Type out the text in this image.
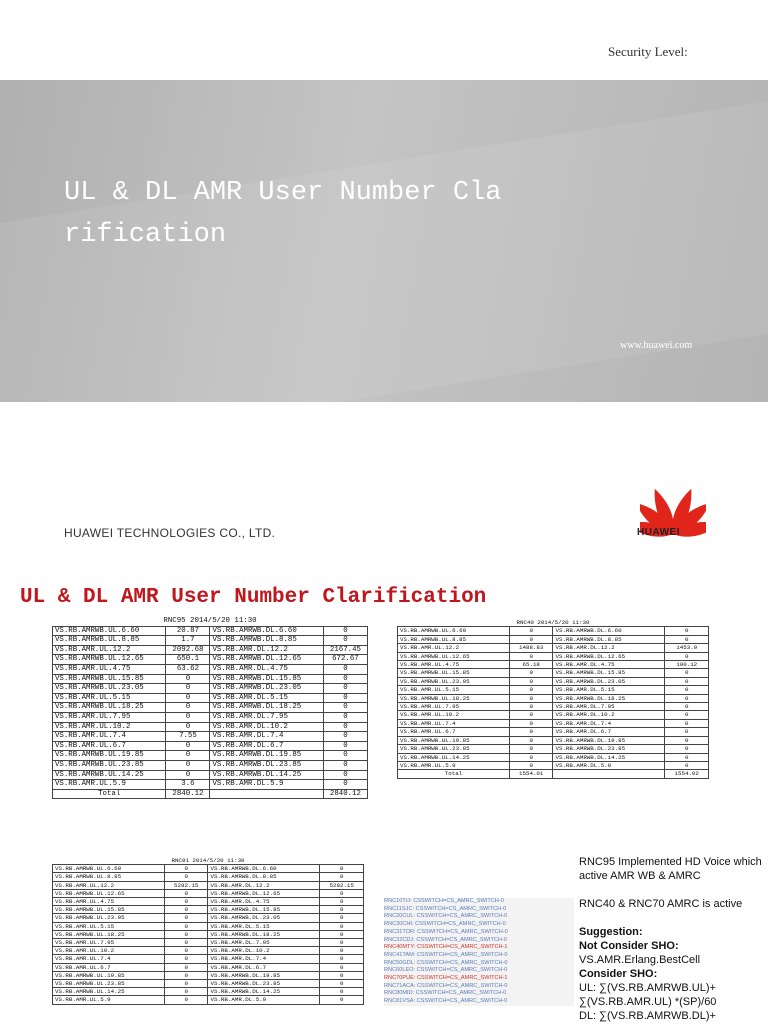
Security Level:
UL & DL AMR User Number Cla rification
www.huawei.com
HUAWEI TECHNOLOGIES CO., LTD.	HUAWEI
UL & DL AMR User Number Clarification
RNC95 2014/5/20 11:30			
VS.RB.AMRWB.UL.6.60	20.87	VS.RB.AMRWB.DL.6.60	0
VS.RB.AMRWB.UL.8.85	1.7	VS.RB.AMRWB.DL.8.85	0
VS.RB.AMR.UL.12.2	2092.68	VS.RB.AMR.DL.12.2	2167.45
VS.RB.AMRWB.UL.12.65	650.1	VS.RB.AMRWB.DL.12.65	672.67
VS.RB.AMR.UL.4.75	63.62	VS.RB.AMR.DL.4.75	0
VS.RB.AMRWB.UL.15.85	0	VS.RB.AMRWB.DL.15.85	0
VS.RB.AMRWB.UL.23.05	0	VS.RB.AMRWB.DL.23.05	0
VS.RB.AMR.UL.5.15	0	VS.RB.AMR.DL.5.15	0
VS.RB.AMRWB.UL.18.25	0	VS.RB.AMRWB.DL.18.25	0
VS.RB.AMR.UL.7.95	0	VS.RB.AMR.DL.7.95	0
VS.RB.AMR.UL.10.2	0	VS.RB.AMR.DL.10.2	0
VS.RB.AMR.UL.7.4	7.55	VS.RB.AMR.DL.7.4	0
VS.RB.AMR.UL.6.7	0	VS.RB.AMR.DL.6.7	0
VS.RB.AMRWB.UL.19.85	0	VS.RB.AMRWB.DL.19.85	0
VS.RB.AMRWB.UL.23.85	0	VS.RB.AMRWB.DL.23.85	0
VS.RB.AMRWB.UL.14.25	0	VS.RB.AMRWB.DL.14.25	0
VS.RB.AMR.UL.5.9	3.6	VS.RB.AMR.DL.5.9	0
Total	2840.12		2840.12
RNC40 2014/5/20 11:30			
VS.RB.AMRWB.UL.6.60	0	VS.RB.AMRWB.DL.6.60	0
VS.RB.AMRWB.UL.8.85	0	VS.RB.AMRWB.DL.8.85	0
VS.RB.AMR.UL.12.2	1488.83	VS.RB.AMR.DL.12.2	1453.9
VS.RB.AMRWB.UL.12.65	0	VS.RB.AMRWB.DL.12.65	0
VS.RB.AMR.UL.4.75	65.18	VS.RB.AMR.DL.4.75	100.12
VS.RB.AMRWB.UL.15.85	0	VS.RB.AMRWB.DL.15.85	0
VS.RB.AMRWB.UL.23.05	0	VS.RB.AMRWB.DL.23.05	0
VS.RB.AMR.UL.5.15	0	VS.RB.AMR.DL.5.15	0
VS.RB.AMRWB.UL.18.25	0	VS.RB.AMRWB.DL.18.25	0
VS.RB.AMR.UL.7.95	0	VS.RB.AMR.DL.7.95	0
VS.RB.AMR.UL.10.2	0	VS.RB.AMR.DL.10.2	0
VS.RB.AMR.UL.7.4	0	VS.RB.AMR.DL.7.4	0
VS.RB.AMR.UL.6.7	0	VS.RB.AMR.DL.6.7	0
VS.RB.AMRWB.UL.19.85	0	VS.RB.AMRWB.DL.19.85	0
VS.RB.AMRWB.UL.23.85	0	VS.RB.AMRWB.DL.23.85	0
VS.RB.AMRWB.UL.14.25	0	VS.RB.AMRWB.DL.14.25	0
VS.RB.AMR.UL.5.9	0	VS.RB.AMR.DL.5.9	0
Total	1554.01		1554.02
RNC91 2014/5/20 11:30			
VS.RB.AMRWB.UL.6.60	0	VS.RB.AMRWB.DL.6.60	0
VS.RB.AMRWB.UL.8.85	0	VS.RB.AMRWB.DL.8.85	0
VS.RB.AMR.UL.12.2	5292.15	VS.RB.AMR.DL.12.2	5292.15
VS.RB.AMRWB.UL.12.65	0	VS.RB.AMRWB.DL.12.65	0
VS.RB.AMR.UL.4.75	0	VS.RB.AMR.DL.4.75	0
VS.RB.AMRWB.UL.15.85	0	VS.RB.AMRWB.DL.15.85	0
VS.RB.AMRWB.UL.23.05	0	VS.RB.AMRWB.DL.23.05	0
VS.RB.AMR.UL.5.15	0	VS.RB.AMR.DL.5.15	0
VS.RB.AMRWB.UL.18.25	0	VS.RB.AMRWB.DL.18.25	0
VS.RB.AMR.UL.7.95	0	VS.RB.AMR.DL.7.95	0
VS.RB.AMR.UL.10.2	0	VS.RB.AMR.DL.10.2	0
VS.RB.AMR.UL.7.4	0	VS.RB.AMR.DL.7.4	0
VS.RB.AMR.UL.6.7	0	VS.RB.AMR.DL.6.7	0
VS.RB.AMRWB.UL.19.85	0	VS.RB.AMRWB.DL.19.85	0
VS.RB.AMRWB.UL.23.85	0	VS.RB.AMRWB.DL.23.85	0
VS.RB.AMRWB.UL.14.25	0	VS.RB.AMRWB.DL.14.25	0
VS.RB.AMR.UL.5.9	0	VS.RB.AMR.DL.5.9	0
RNC10TIJ: CSSWITCH=CS_AMRC_SWITCH-0
RNC11SJC: CSSWITCH=CS_AMRC_SWITCH-0
RNC20CUL: CSSWITCH=CS_AMRC_SWITCH-0
RNC30CHI: CSSWITCH=CS_AMRC_SWITCH-0
RNC31TOR: CSSWITCH=CS_AMRC_SWITCH-0
RNC32CDJ: CSSWITCH=CS_AMRC_SWITCH-0
RNC40MTY: CSSWITCH=CS_AMRC_SWITCH-1
RNC41TAM: CSSWITCH=CS_AMRC_SWITCH-0
RNC50GDL: CSSWITCH=CS_AMRC_SWITCH-0
RNC60LEO: CSSWITCH=CS_AMRC_SWITCH-0
RNC70PUE: CSSWITCH=CS_AMRC_SWITCH-1
RNC71ACA: CSSWITCH=CS_AMRC_SWITCH-0
RNC80MID: CSSWITCH=CS_AMRC_SWITCH-0
RNC81VSA: CSSWITCH=CS_AMRC_SWITCH-0

RNC95 Implemented HD Voice which active AMR WB & AMRC

RNC40 & RNC70 AMRC is active

Suggestion:

Not Consider SHO:

VS.AMR.Erlang.BestCell

Consider SHO:

UL: ∑(VS.RB.AMRWB.UL)+

∑(VS.RB.AMR.UL) *(SP)/60

DL: ∑(VS.RB.AMRWB.DL)+
